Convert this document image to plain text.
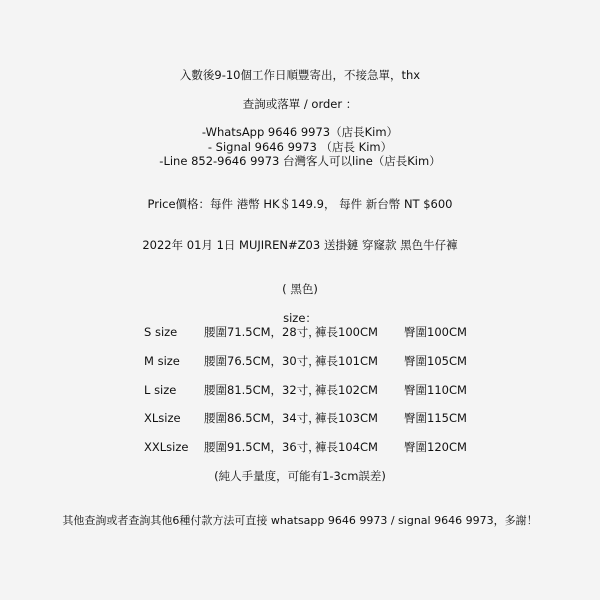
入數後9-10個工作日順豐寄出，不接急單，thx
查詢或落單 / order ：
-WhatsApp 9646 9973（店長Kim）
- Signal 9646 9973 （店長 Kim）
-Line 852-9646 9973 台灣客人可以line（店長Kim）
Price價格：每件 港幣 HK＄149.9， 每件 新台幣 NT $600
2022年 01月 1日 MUJIREN#Z03 送掛鏈 穿窿款 黑色牛仔褲
( 黑色)
size：
S size 腰圍71.5CM，28寸，
褲長100CM 臀圍100CM
M size 腰圍76.5CM，30寸，
褲長101CM 臀圍105CM
L size 腰圍81.5CM，32寸，
褲長102CM 臀圍110CM
XLsize 腰圍86.5CM，34寸，
褲長103CM 臀圍115CM
XXLsize 腰圍91.5CM，36寸，
褲長104CM 臀圍120CM
(純人手量度，可能有1-3cm誤差)
其他查詢或者查詢其他6種付款方法可直接 whatsapp 9646 9973 / signal 9646 9973，多謝！
